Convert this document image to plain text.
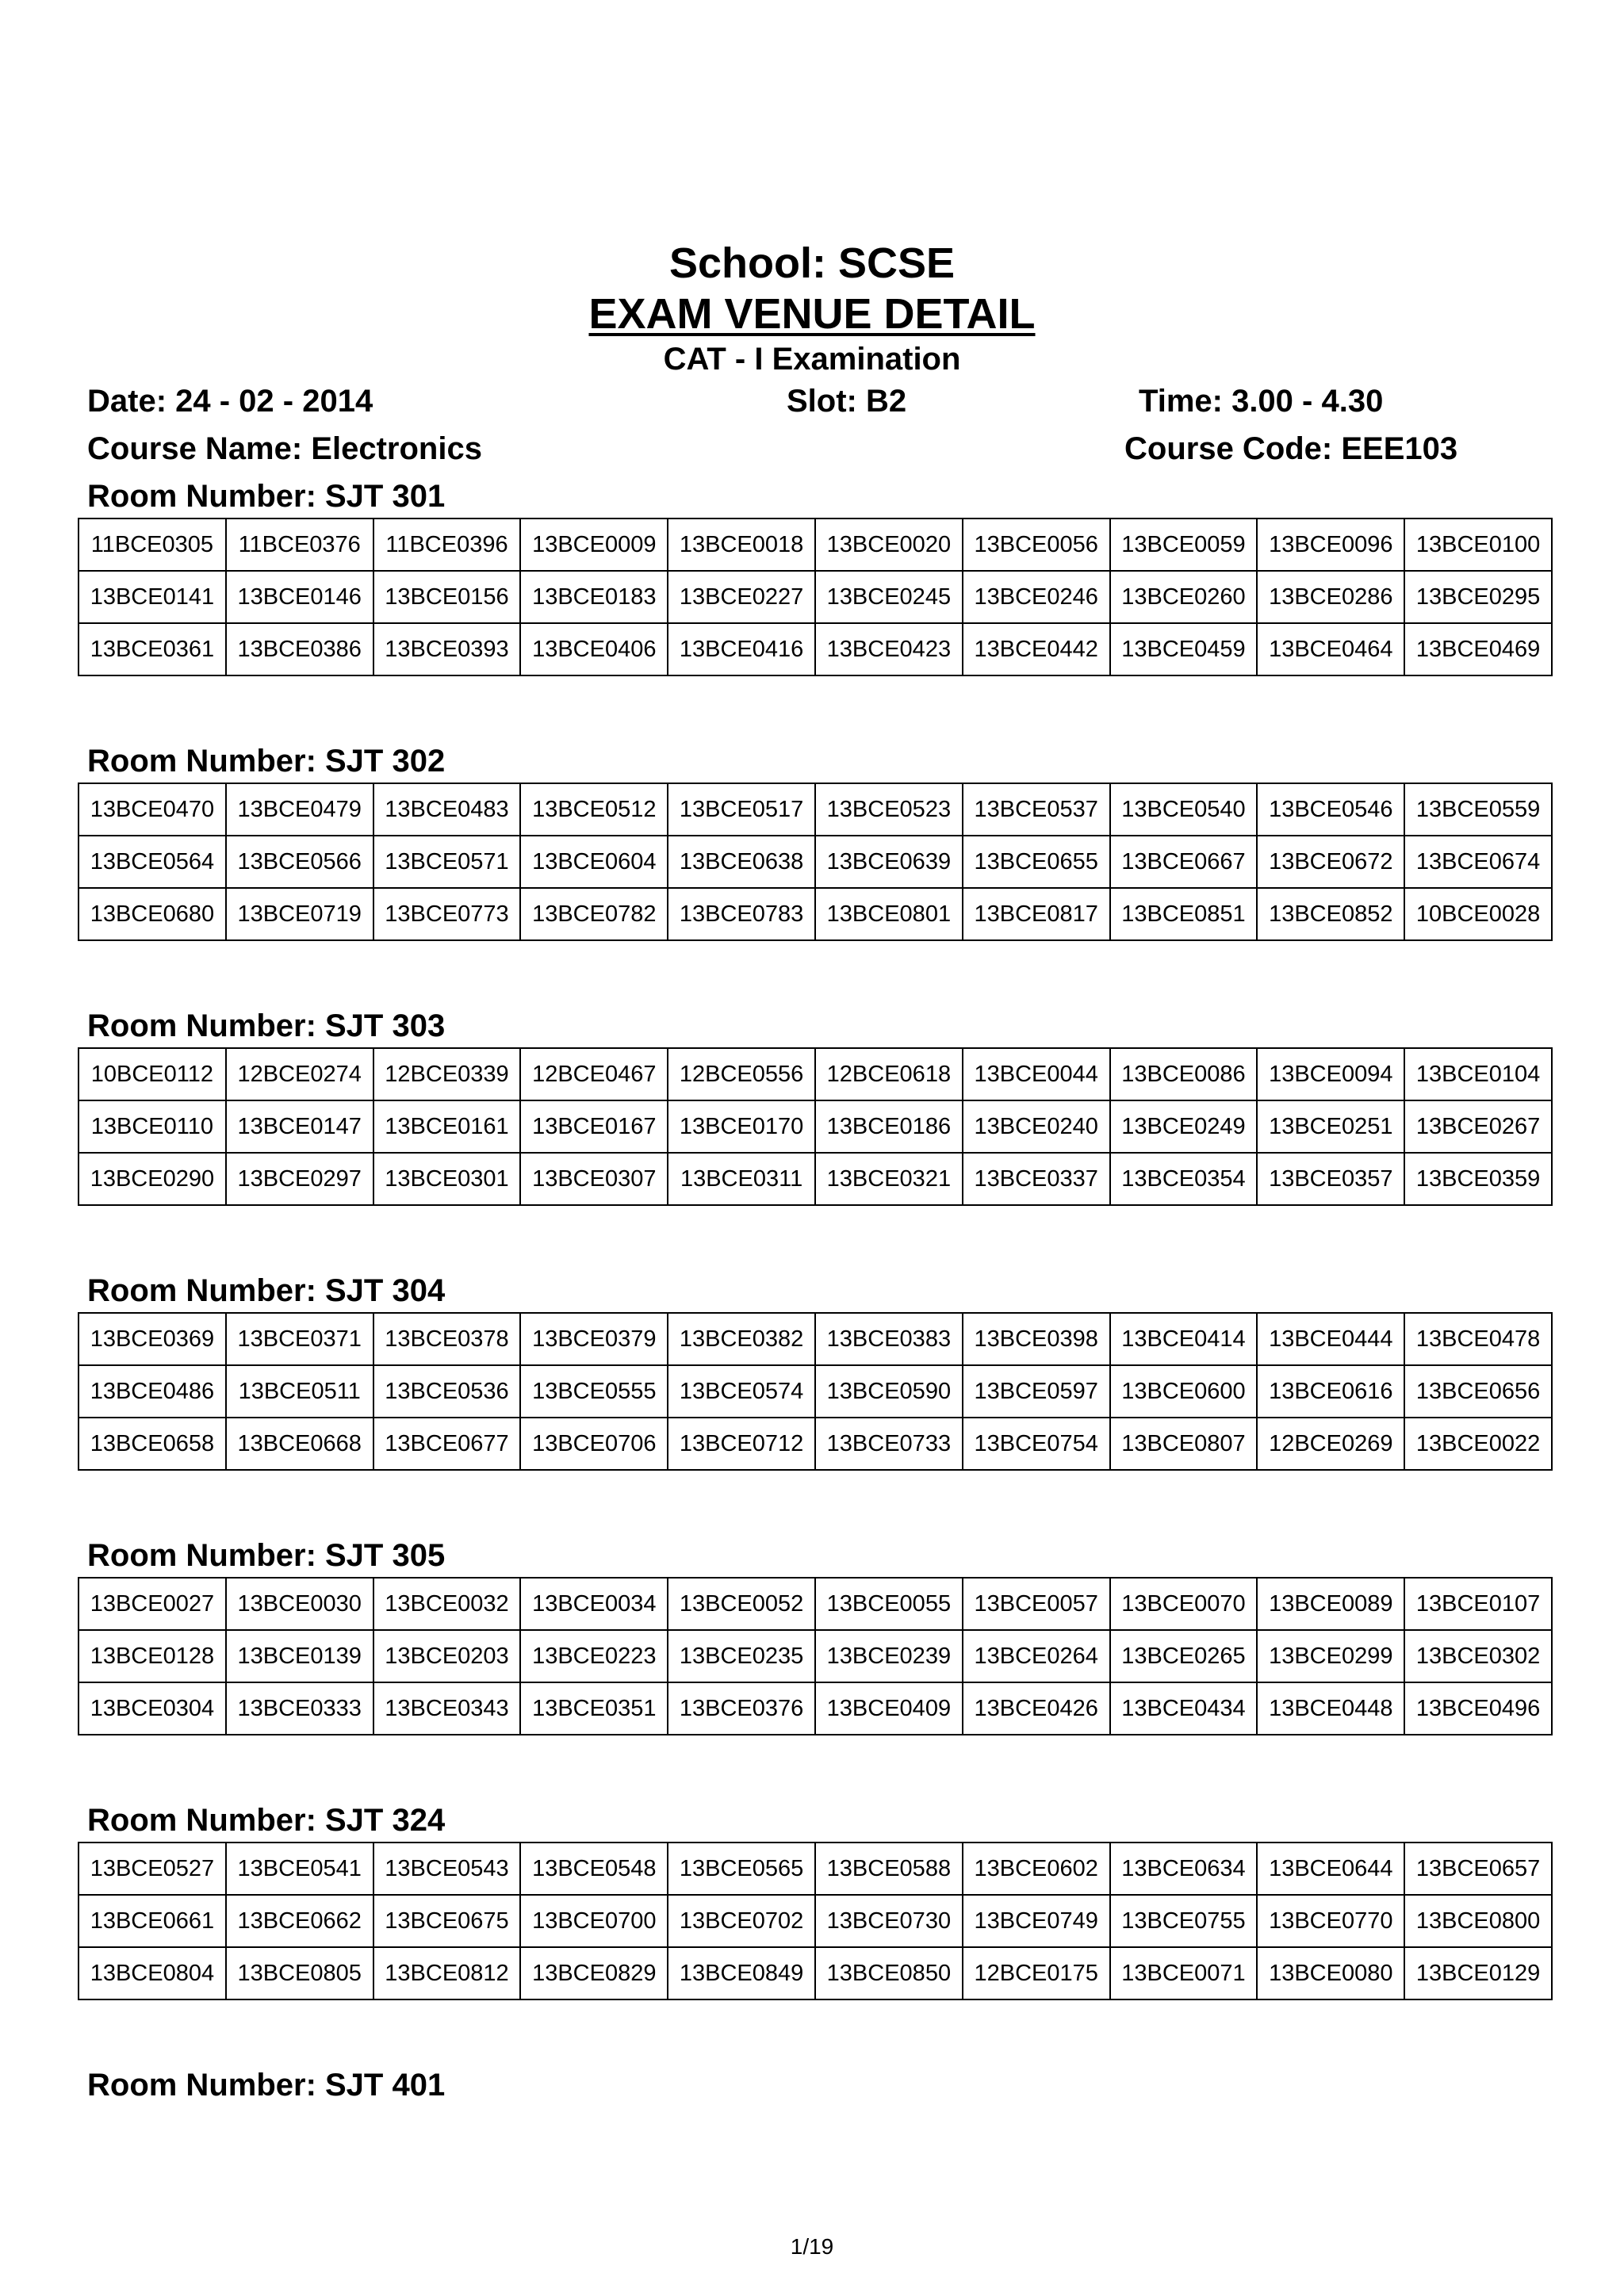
School: SCSE
EXAM VENUE DETAIL
CAT - I Examination
Date: 24 - 02 - 2014	Slot: B2	Time: 3.00 - 4.30
Course Name: Electronics	Course Code: EEE103
Room Number: SJT 301
11BCE0305	11BCE0376	11BCE0396	13BCE0009	13BCE0018	13BCE0020	13BCE0056	13BCE0059	13BCE0096	13BCE0100
13BCE0141	13BCE0146	13BCE0156	13BCE0183	13BCE0227	13BCE0245	13BCE0246	13BCE0260	13BCE0286	13BCE0295
13BCE0361	13BCE0386	13BCE0393	13BCE0406	13BCE0416	13BCE0423	13BCE0442	13BCE0459	13BCE0464	13BCE0469
Room Number: SJT 302
13BCE0470	13BCE0479	13BCE0483	13BCE0512	13BCE0517	13BCE0523	13BCE0537	13BCE0540	13BCE0546	13BCE0559
13BCE0564	13BCE0566	13BCE0571	13BCE0604	13BCE0638	13BCE0639	13BCE0655	13BCE0667	13BCE0672	13BCE0674
13BCE0680	13BCE0719	13BCE0773	13BCE0782	13BCE0783	13BCE0801	13BCE0817	13BCE0851	13BCE0852	10BCE0028
Room Number: SJT 303
10BCE0112	12BCE0274	12BCE0339	12BCE0467	12BCE0556	12BCE0618	13BCE0044	13BCE0086	13BCE0094	13BCE0104
13BCE0110	13BCE0147	13BCE0161	13BCE0167	13BCE0170	13BCE0186	13BCE0240	13BCE0249	13BCE0251	13BCE0267
13BCE0290	13BCE0297	13BCE0301	13BCE0307	13BCE0311	13BCE0321	13BCE0337	13BCE0354	13BCE0357	13BCE0359
Room Number: SJT 304
13BCE0369	13BCE0371	13BCE0378	13BCE0379	13BCE0382	13BCE0383	13BCE0398	13BCE0414	13BCE0444	13BCE0478
13BCE0486	13BCE0511	13BCE0536	13BCE0555	13BCE0574	13BCE0590	13BCE0597	13BCE0600	13BCE0616	13BCE0656
13BCE0658	13BCE0668	13BCE0677	13BCE0706	13BCE0712	13BCE0733	13BCE0754	13BCE0807	12BCE0269	13BCE0022
Room Number: SJT 305
13BCE0027	13BCE0030	13BCE0032	13BCE0034	13BCE0052	13BCE0055	13BCE0057	13BCE0070	13BCE0089	13BCE0107
13BCE0128	13BCE0139	13BCE0203	13BCE0223	13BCE0235	13BCE0239	13BCE0264	13BCE0265	13BCE0299	13BCE0302
13BCE0304	13BCE0333	13BCE0343	13BCE0351	13BCE0376	13BCE0409	13BCE0426	13BCE0434	13BCE0448	13BCE0496
Room Number: SJT 324
13BCE0527	13BCE0541	13BCE0543	13BCE0548	13BCE0565	13BCE0588	13BCE0602	13BCE0634	13BCE0644	13BCE0657
13BCE0661	13BCE0662	13BCE0675	13BCE0700	13BCE0702	13BCE0730	13BCE0749	13BCE0755	13BCE0770	13BCE0800
13BCE0804	13BCE0805	13BCE0812	13BCE0829	13BCE0849	13BCE0850	12BCE0175	13BCE0071	13BCE0080	13BCE0129
Room Number: SJT 401
1/19
